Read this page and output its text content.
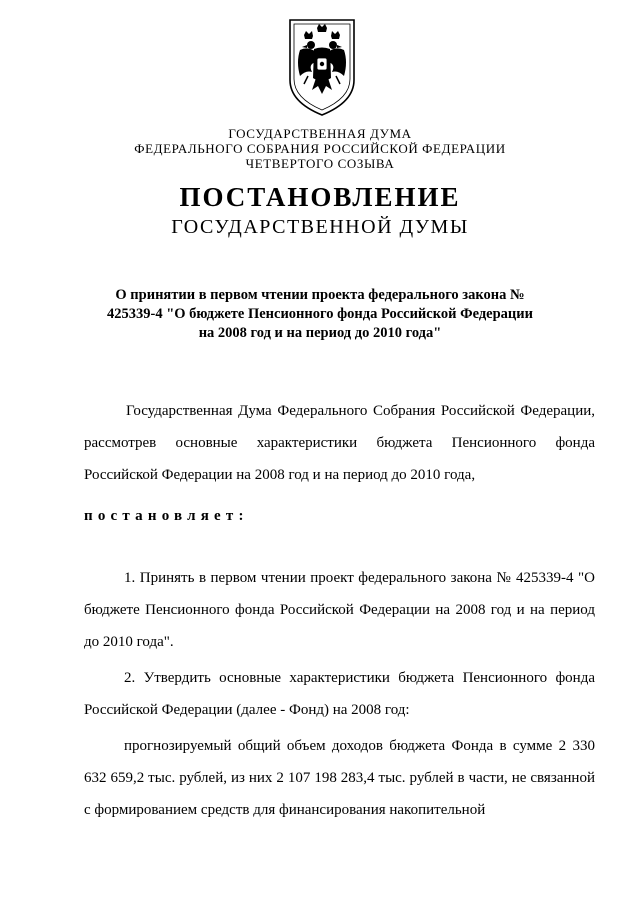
ГОСУДАРСТВЕННАЯ ДУМА
ФЕДЕРАЛЬНОГО СОБРАНИЯ РОССИЙСКОЙ ФЕДЕРАЦИИ
ЧЕТВЕРТОГО СОЗЫВА
ПОСТАНОВЛЕНИЕ
ГОСУДАРСТВЕННОЙ ДУМЫ
О принятии в первом чтении проекта федерального закона № 425339-4 "О бюджете Пенсионного фонда Российской Федерации на 2008 год и на период до 2010 года"
Государственная Дума Федерального Собрания Российской Федерации, рассмотрев основные характеристики бюджета Пенсионного фонда Российской Федерации на 2008 год и на период до 2010 года,
постановляет:
1. Принять в первом чтении проект федерального закона № 425339-4 "О бюджете Пенсионного фонда Российской Федерации на 2008 год и на период до 2010 года".
2. Утвердить основные характеристики бюджета Пенсионного фонда Российской Федерации (далее - Фонд) на 2008 год:
прогнозируемый общий объем доходов бюджета Фонда в сумме 2 330 632 659,2 тыс. рублей, из них 2 107 198 283,4 тыс. рублей в части, не связанной с формированием средств для финансирования накопительной
